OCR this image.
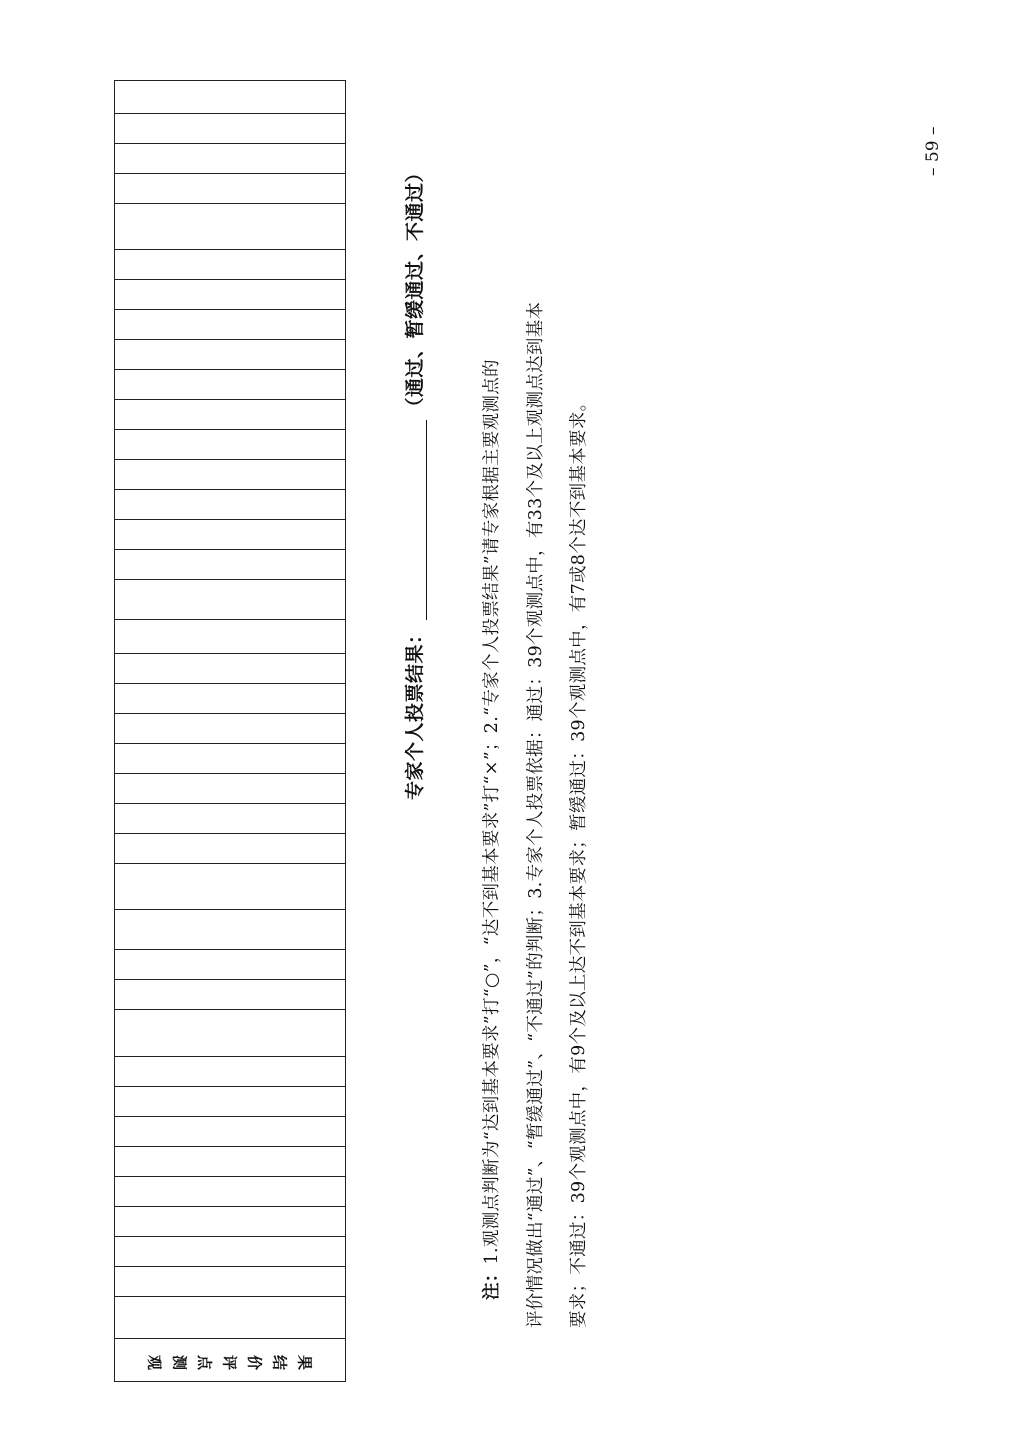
观 测 点 评 价 结 果
专家个人投票结果：（通过、暂缓通过、不通过）
注：1.观测点判断为“达到基本要求”打“○”，“达不到基本要求”打“×”；2.“专家个人投票结果”请专家根据主要观测点的 评价情况做出“通过”、“暂缓通过”、“不通过”的判断；3.专家个人投票依据：通过：39个观测点中，有33个及以上观测点达到基本 要求；不通过：39个观测点中，有9个及以上达不到基本要求；暂缓通过：39个观测点中，有7或8个达不到基本要求。
– 59 –
